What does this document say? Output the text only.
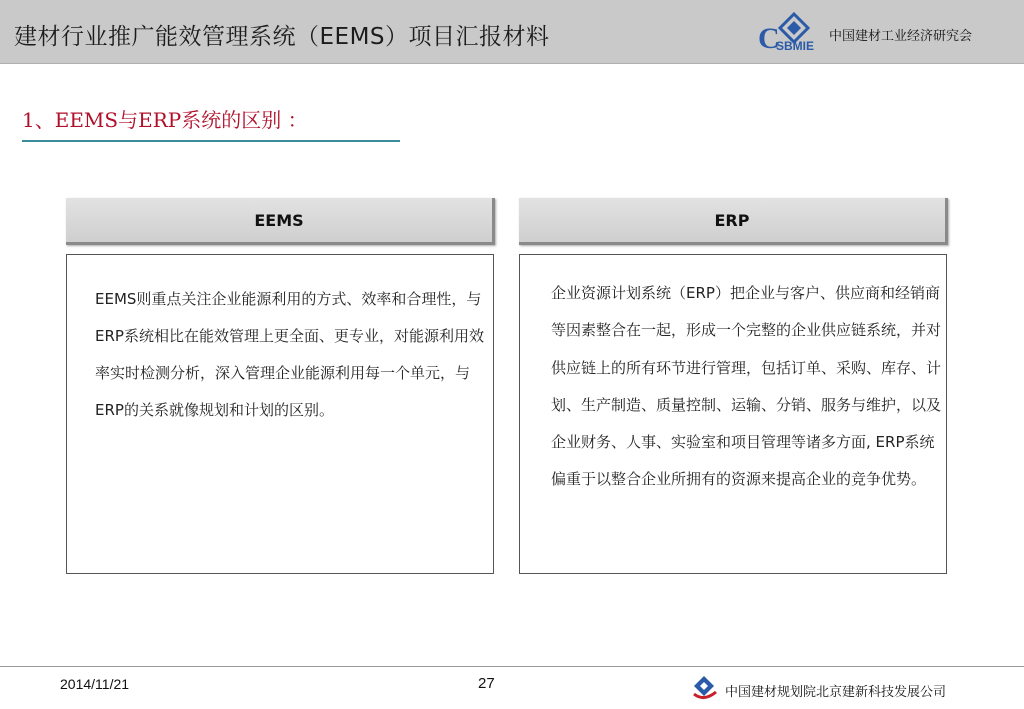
建材行业推广能效管理系统（EEMS）项目汇报材料	C
SBMIE
中国建材工业经济研究会
1、EEMS与ERP系统的区别 ：
EEMS	ERP

EEMS则重点关注企业能源利用的方式、效率和合理性，与ERP系统相比在能效管理上更全面、更专业，对能源利用效率实时检测分析，深入管理企业能源利用每一个单元，与ERP的关系就像规划和计划的区别。

企业资源计划系统（ERP）把企业与客户、供应商和经销商等因素整合在一起，形成一个完整的企业供应链系统，并对供应链上的所有环节进行管理，包括订单、采购、库存、计划、生产制造、质量控制、运输、分销、服务与维护，以及企业财务、人事、实验室和项目管理等诸多方面, ERP系统偏重于以整合企业所拥有的资源来提高企业的竞争优势。

2014/11/21	27
中国建材规划院北京建新科技发展公司
